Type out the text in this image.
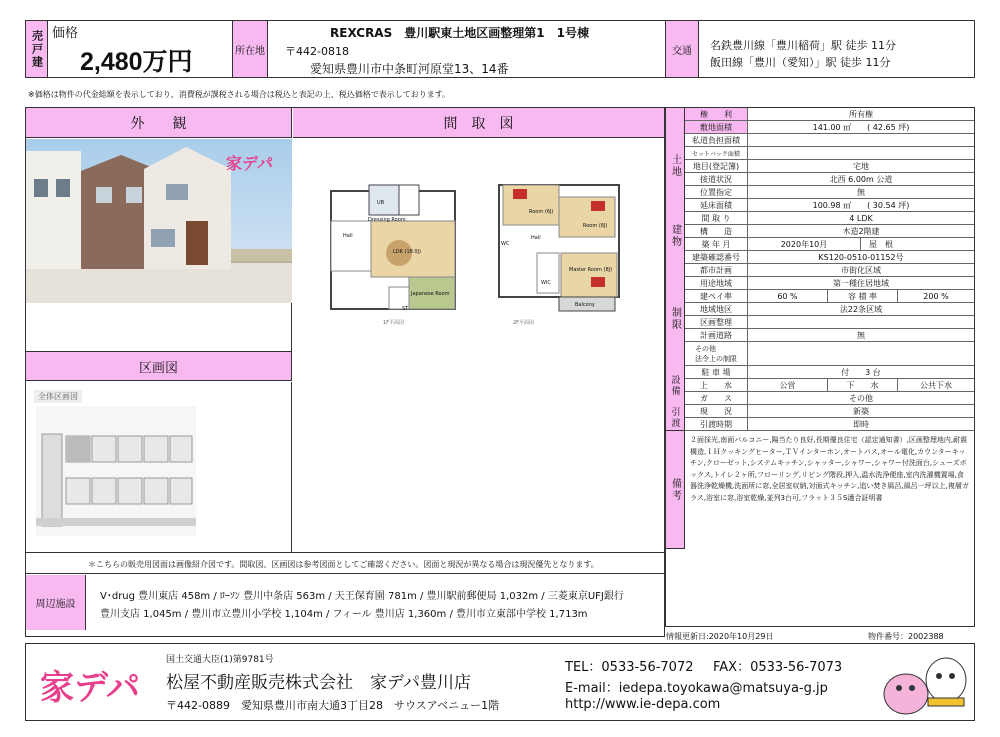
売戸建 価格
2,480万円	所在地
REXCRAS　豊川駅東土地区画整理第1　1号棟
〒442-0818
愛知県豊川市中条町河原堂13、14番
交通	名鉄豊川線「豊川稲荷」駅 徒歩 11分
飯田線「豊川（愛知）」駅 徒歩 11分
※価格は物件の代金総額を表示しており、消費税が課税される場合は税込と表記の上、税込価格で表示しております。
外　　観
家デパ
区画図
全体区画図
間　取　図
UB
Dressing Room
Hall
LDK (18.0J)
Japanese Room
ST
1F平面図
Room (6J)
Room (6J)
Hall
WIC
Master Room (8J)
Balcony
WC
2F平面図
＊こちらの販売用図面は画像紹介図です。間取図、区画図は参考図面としてご確認ください。図面と現況が異なる場合は現況優先となります。
周辺施設
V･drug 豊川東店 458m / ﾛｰｿﾝ 豊川中条店 563m / 天王保育園 781m / 豊川駅前郵便局 1,032m / 三菱東京UFJ銀行
豊川支店 1,045m / 豊川市立豊川小学校 1,104m / フィール 豊川店 1,360m / 豊川市立東部中学校 1,713m
土地
権　　利	所有権
敷地面積	141.00 ㎡　　( 42.65 坪)
私道負担面積
セットバック面積
地目(登記簿)	宅地
接道状況	北西 6.00m 公道
位置指定	無
建物
延床面積	100.98 ㎡　　( 30.54 坪)
間 取 り	4 LDK
構　　造	木造2階建
築 年 月	2020年10月	屋　根
建築確認番号	KS120-0510-01152号
制限
都市計画	市街化区域
用途地域	第一種住居地域
建ペイ率	60 %	容 積 率	200 %
地域地区	法22条区域
区画整理
計画道路	無
その他
法令上の制限
設備
駐 車 場	付　　3 台
上　　水	公営	下　　水	公共下水
ガ　　ス	その他
引渡	現　　況	新築
引渡時期	即時
備考
２面採光,南面バルコニー,陽当たり良好,長期優良住宅（認定通知書）,区画整理地内,耐震構造,ＩＨクッキングヒーター,ＴＶインターホン,オートバス,オール電化,カウンターキッチン,クローゼット,システムキッチン,シャッター,シャワー,シャワー付洗面台,シューズボックス,トイレ２ヶ所,フローリング,リビング階段,押入,温水洗浄便座,室内洗濯機置場,食器洗浄乾燥機,洗面所に窓,全居室収納,対面式キッチン,追い焚き風呂,風呂一坪以上,複層ガラス,浴室に窓,浴室乾燥,並列3台可,フラット３５S適合証明書
情報更新日:2020年10月29日	物件番号：2002388
家デパ
国土交通大臣(1)第9781号
松屋不動産販売株式会社　家デパ豊川店
〒442-0889　愛知県豊川市南大通3丁目28　サウスアベニュー1階
TEL：0533-56-7072 FAX：0533-56-7073
E-mail：iedepa.toyokawa@matsuya-g.jp
http://www.ie-depa.com
